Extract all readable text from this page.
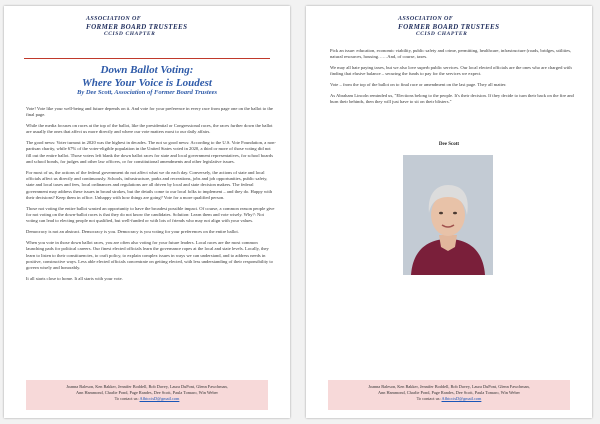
ASSOCIATION OF
FORMER BOARD TRUSTEES
CCISD CHAPTER
Down Ballot Voting:
Where Your Voice is Loudest
By Dee Scott, Association of Former Board Trustees

Vote! Vote like your well-being and future depends on it. And vote for your preference in every race from page one on the ballot to the final page.

While the media focuses on races at the top of the ballot, like the presidential or Congressional races, the races further down the ballot are usually the ones that affect us more directly and where our vote matters most to our daily affairs.

The good news: Voter turnout in 2020 was the highest in decades. The not so good news: According to the U.S. Vote Foundation, a non-partisan charity, while 67% of the voter-eligible population in the United States voted in 2020, a third or more of those voting did not fill out the entire ballot. Those voters left blank the down ballot races for state and local government representatives, for school boards and school bonds, for judges and other law officers, or for constitutional amendments and other legislative issues.

For most of us, the actions of the federal government do not affect what we do each day. Conversely, the actions of state and local officials affect us directly and continuously. Schools, infrastructure, parks and recreations, jobs and job opportunities, public safety, state and local taxes and fees, local ordinances and regulations are all driven by local and state decision makers. The federal government may address these issues in broad strokes, but the details come to our local folks to implement – and they do. Happy with their decisions? Keep them in office. Unhappy with how things are going? Vote for a more qualified person.

Those not voting the entire ballot wasted an opportunity to have the broadest possible impact. Of course, a common reason people give for not voting on the down-ballot races is that they do not know the candidates. Solution: Learn them and vote wisely. Why?: Not voting can lead to electing people not qualified, but well-funded or with lots of friends who may not align with your values.

Democracy is not an abstract. Democracy is you. Democracy is you voting for your preferences on the entire ballot.

When you vote in those down ballot races, you are often also voting for your future leaders. Local races are the most common launching pads for political careers. Our finest elected officials learn the governance ropes at the local and state levels. Locally, they learn to listen to their constituencies, to craft policy, to explain complex issues in ways we can understand, and to address needs in positive, constructive ways. Less able elected officials concentrate on getting elected, with less understanding of their responsibility to govern wisely and honorably.

It all starts close to home. It all starts with your vote.

Joanna Baleson, Ken Bakker, Jennifer Boddell, Bob Davey, Laura DuPont, Glenn Fawcbman,
Ann Hammond, Charlie Pond, Page Randes, Dee Scott, Paula Tomaro, Win Weber
To contact us: AfbtccisD@gmail.com
ASSOCIATION OF
FORMER BOARD TRUSTEES
CCISD CHAPTER

Pick an issue: education, economic viability, public safety and crime, permitting, healthcare, infrastructure (roads, bridges, utilities, natural resources, housing……And, of course, taxes.

We may all hate paying taxes, but we also love superb public services. Our local elected officials are the ones who are charged with finding that elusive balance – securing the funds to pay for the services we expect.

Vote – from the top of the ballot on to final race or amendment on the last page. They all matter.

As Abraham Lincoln reminded us, "Elections belong to the people. It's their decision. If they decide to turn their back on the fire and burn their behinds, then they will just have to sit on their blisters."

Dee Scott
Joanna Baleson, Ken Bakker, Jennifer Boddell, Bob Davey, Laura DuPont, Glenn Fawcbman,
Ann Hammond, Charlie Pond, Page Randes, Dee Scott, Paula Tomaro, Win Weber
To contact us: AfbtccisD@gmail.com
